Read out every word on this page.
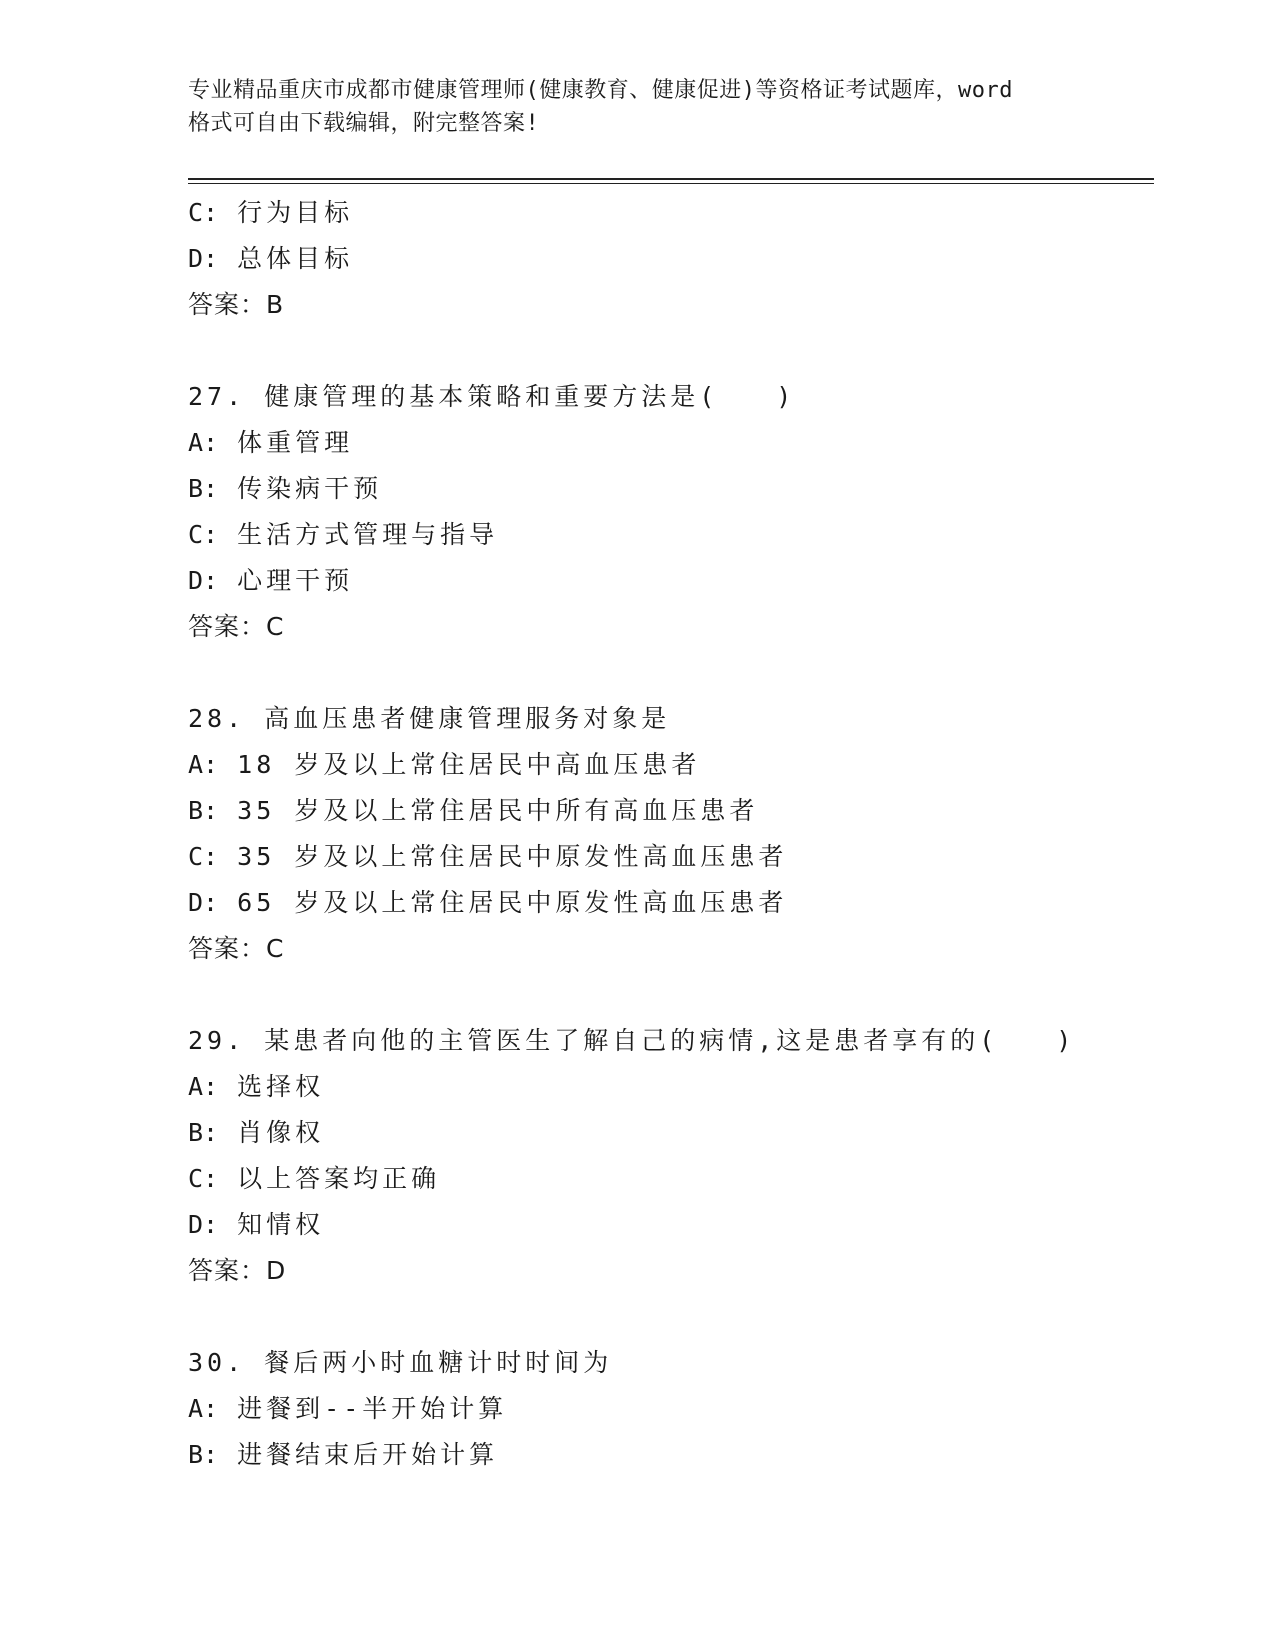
专业精品重庆市成都市健康管理师(健康教育、健康促进)等资格证考试题库，word
格式可自由下载编辑，附完整答案!
C: 行为目标
D: 总体目标
答案：B
27. 健康管理的基本策略和重要方法是(　　)
A: 体重管理
B: 传染病干预
C: 生活方式管理与指导
D: 心理干预
答案：C
28. 高血压患者健康管理服务对象是
A: 18 岁及以上常住居民中高血压患者
B: 35 岁及以上常住居民中所有高血压患者
C: 35 岁及以上常住居民中原发性高血压患者
D: 65 岁及以上常住居民中原发性高血压患者
答案：C
29. 某患者向他的主管医生了解自己的病情,这是患者享有的(　　)
A: 选择权
B: 肖像权
C: 以上答案均正确
D: 知情权
答案：D
30. 餐后两小时血糖计时时间为
A: 进餐到--半开始计算
B: 进餐结束后开始计算
